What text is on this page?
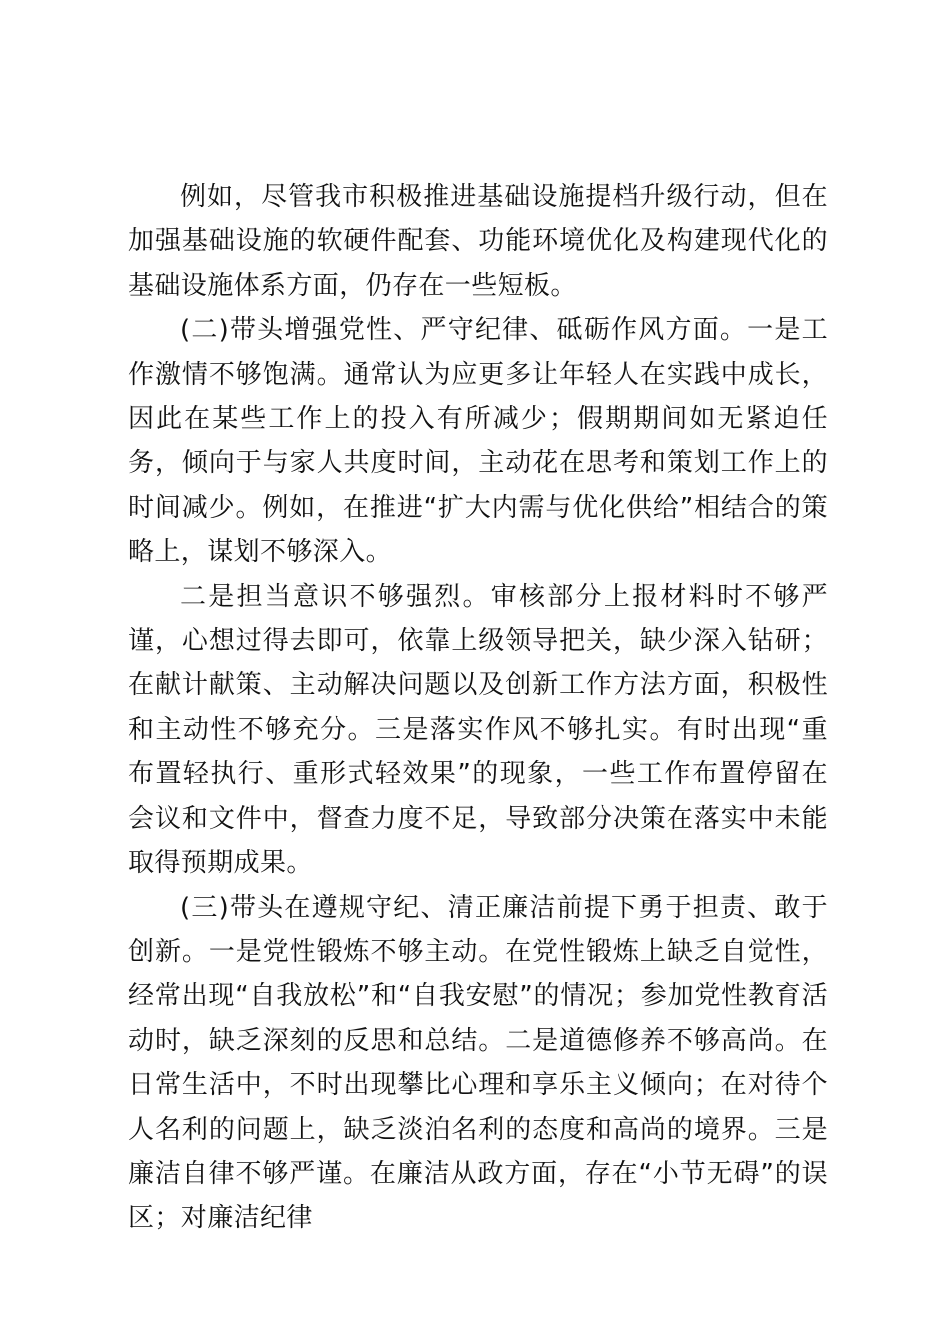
例如，尽管我市积极推进基础设施提档升级行动，但在加强基础设施的软硬件配套、功能环境优化及构建现代化的基础设施体系方面，仍存在一些短板。

(二)带头增强党性、严守纪律、砥砺作风方面。一是工作激情不够饱满。通常认为应更多让年轻人在实践中成长，因此在某些工作上的投入有所减少；假期期间如无紧迫任务，倾向于与家人共度时间，主动花在思考和策划工作上的时间减少。例如，在推进“扩大内需与优化供给”相结合的策略上，谋划不够深入。

二是担当意识不够强烈。审核部分上报材料时不够严谨，心想过得去即可，依靠上级领导把关，缺少深入钻研；在献计献策、主动解决问题以及创新工作方法方面，积极性和主动性不够充分。三是落实作风不够扎实。有时出现“重布置轻执行、重形式轻效果”的现象，一些工作布置停留在会议和文件中，督查力度不足，导致部分决策在落实中未能取得预期成果。

(三)带头在遵规守纪、清正廉洁前提下勇于担责、敢于创新。一是党性锻炼不够主动。在党性锻炼上缺乏自觉性，经常出现“自我放松”和“自我安慰”的情况；参加党性教育活动时，缺乏深刻的反思和总结。二是道德修养不够高尚。在日常生活中，不时出现攀比心理和享乐主义倾向；在对待个人名利的问题上，缺乏淡泊名利的态度和高尚的境界。三是廉洁自律不够严谨。在廉洁从政方面，存在“小节无碍”的误区；对廉洁纪律
